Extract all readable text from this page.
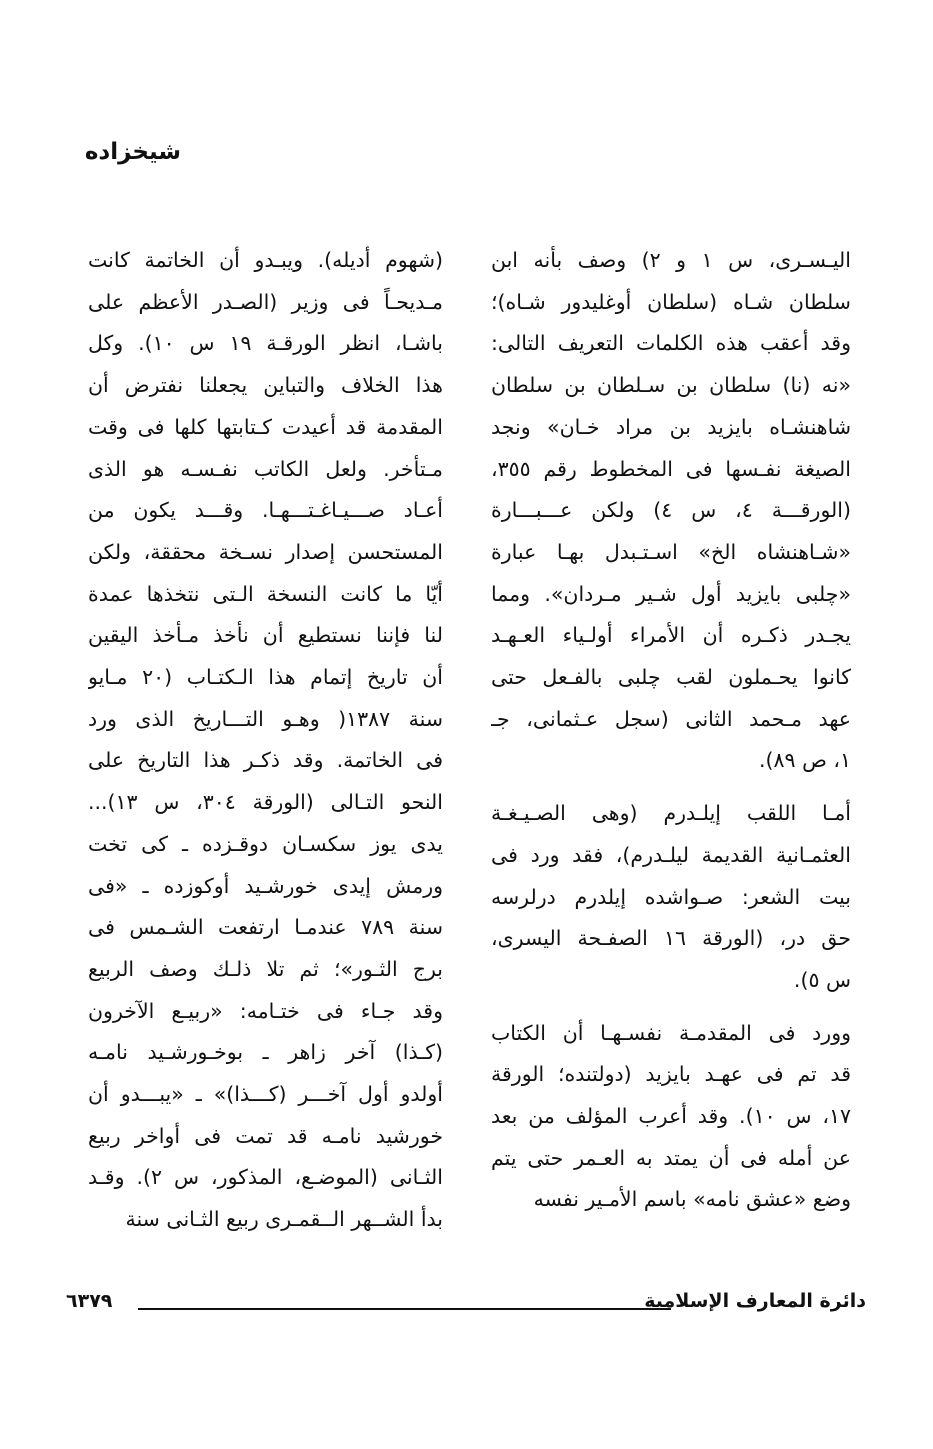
شيخزاده

اليـسـرى، س ١ و ٢) وصف بأنه ابن
سلطان شـاه (سلطان أوغليدور شـاه)؛
وقد أعقب هذه الكلمات التعريف التالى:
«نه (نا) سلطان بن سـلطان بن سلطان
شاهنشـاه بايزيد بن مراد خـان» ونجد
الصيغة نفـسها فى المخطوط رقم ٣٥٥،
(الورقـــة ٤، س ٤) ولكن عـــبـــارة
«شـاهنشاه الخ» اسـتـبدل بهـا عبارة
«چلبى بايزيد أول شـير مـردان». ومما
يجـدر ذكـره أن الأمراء أولـياء العـهـد
كانوا يحـملون لقب چلبى بالفـعل حتى
عهد مـحمد الثانى (سجل عـثمانى، جـ
١، ص ٨٩).

أمـا اللقب إيلـدرم (وهى الصـيـغـة
العثمـانية القديمة ليلـدرم)، فقد ورد فى
بيت الشعر: صـواشده إيلدرم درلرسه
حق در، (الورقة ١٦ الصفـحة اليسرى،
س ٥).

وورد فى المقدمـة نفسـهـا أن الكتاب
قد تم فى عهـد بايزيد (دولتنده؛ الورقة
١٧، س ١٠). وقد أعرب المؤلف من بعد
عن أمله فى أن يمتد به العـمر حتى يتم
وضع «عشق نامه» باسم الأمـير نفسه

(شهوم أديله). ويبـدو أن الخاتمة كانت
مـديحـاً فى وزير (الصـدر الأعظم على
باشـا، انظر الورقـة ١٩ س ١٠). وكل
هذا الخلاف والتباين يجعلنا نفترض أن
المقدمة قد أعيدت كـتابتها كلها فى وقت
مـتأخر. ولعل الكاتب نفـسـه هو الذى
أعـاد صـــيـاغـتـــهـا. وقـــد يكون من
المستحسن إصدار نسـخة محققة، ولكن
أيّا ما كانت النسخة الـتى نتخذها عمدة
لنا فإننا نستطيع أن نأخذ مـأخذ اليقين
أن تاريخ إتمام هذا الـكتـاب (٢٠ مـايو
سنة ١٣٨٧( وهـو التـــاريخ الذى ورد
فى الخاتمة. وقد ذكـر هذا التاريخ على
النحو التـالى (الورقة ٣٠٤، س ١٣)...
يدى يوز سكسـان دوقـزده ـ كى تخت
ورمش إيدى خورشـيد أوكوزده ـ «فى
سنة ٧٨٩ عندمـا ارتفعت الشـمس فى
برج الثـور»؛ ثم تلا ذلـك وصف الربيع
وقد جـاء فى ختـامه: «ربيـع الآخرون
(كـذا) آخر زاهر ـ بوخـورشـيد نامـه
أولدو أول آخـــر (كـــذا)» ـ «يبـــدو أن
خورشيد نامـه قد تمت فى أواخر ربيع
الثـانى (الموضـع، المذكور، س ٢). وقـد
بدأ الشــهر الــقمـرى ربيع الثـانى سنة

دائرة المعارف الإسلامية
٦٣٧٩
